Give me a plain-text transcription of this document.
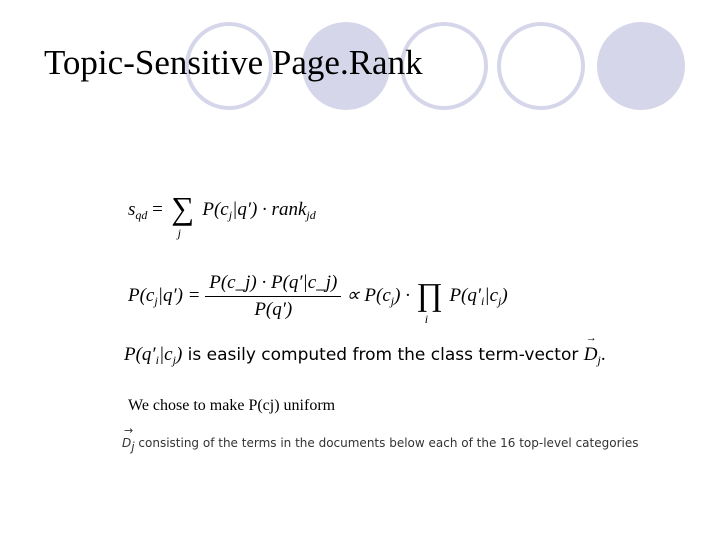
Topic-Sensitive Page.Rank
$s_{qd}$ = ∑
j
$P(c_j|q')$ · rank$_{jd}$
$P(c_j|q') = \frac{P(c\_j) \cdot P(q'|c\_j)}{P(q')} \propto P(c_j)$ · ∏
i
$P(q'_i|c_j)$
$P(q'_i|c_j)$ is easily computed from the class term-vector → $D_j$.
We chose to make P(cj) uniform
→ Dj consisting of the terms in the documents below each of the 16 top-level categories
